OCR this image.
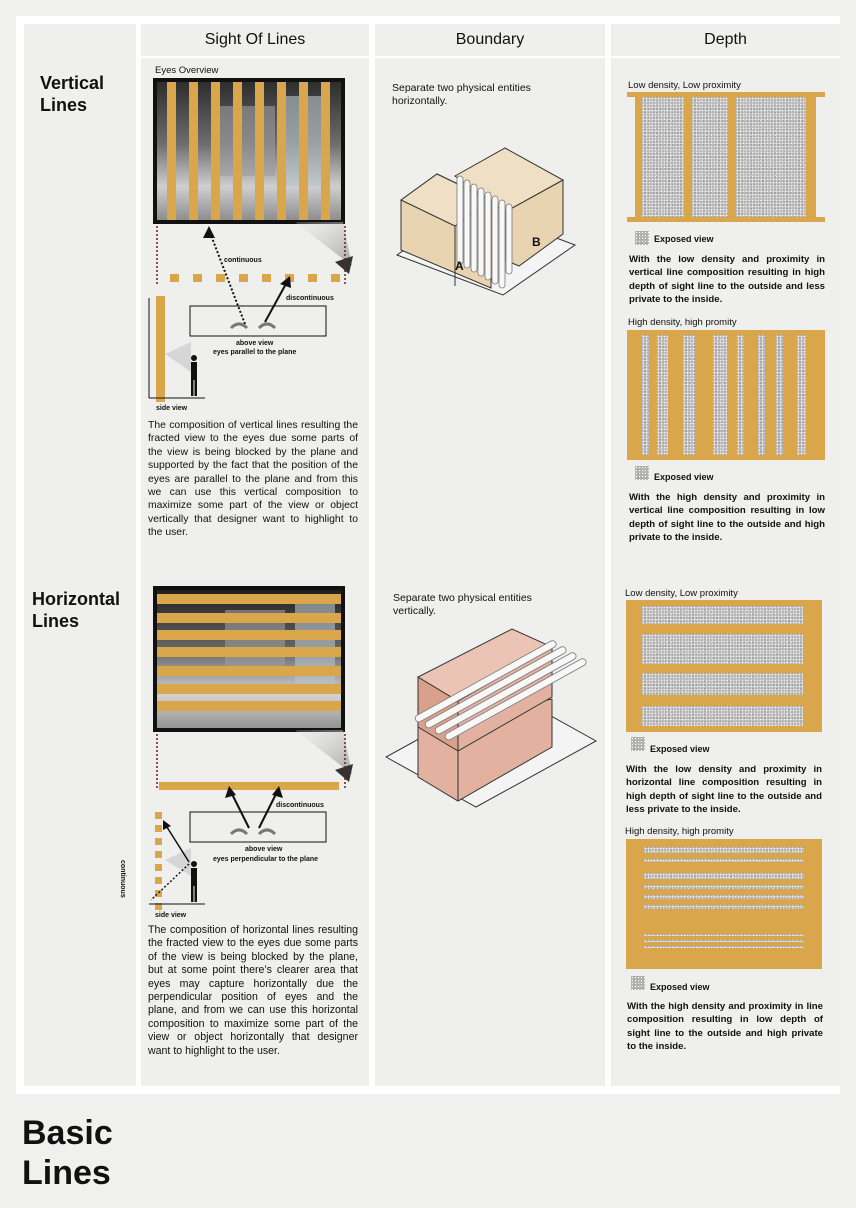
Sight Of Lines	Boundary	Depth
Vertical
Lines
Eyes Overview
continuous
discontinuous
above view
eyes parallel to the plane
side view
The composition of vertical lines resulting the fracted view to the eyes due some parts of the view is being blocked by the plane and supported by the fact that the position of the eyes are parallel to the plane and from this we can use this vertical composition to maximize some part of the view or object vertically that designer want to highlight to the user.
Separate two physical entities horizontally.
A
B
Low density, Low proximity
Exposed view
With the low density and proximity in vertical line composition resulting in high depth of sight line to the outside and less private to the inside.
High density, high promity
Exposed view
With the high density and proximity in vertical line composition resulting in low depth of sight line to the outside and high private to the inside.
Horizontal
Lines
discontinuous
above view
eyes perpendicular to the plane
continuous
side view
The composition of horizontal lines resulting the fracted view to the eyes due some parts of the view is being blocked by the plane, but at some point there’s clearer area that eyes may capture horizontally due the perpendicular position of eyes and the plane, and from we can use this horizontal composition to maximize some part of the view or object horizontally that designer want to highlight to the user.
Separate two physical entities vertically.
Low density, Low proximity
Exposed view
With the low density and proximity in horizontal line composition resulting in high depth of sight line to the outside and less private to the inside.
High density, high promity
Exposed view
With the high density and proximity in line composition resulting in low depth of sight line to the outside and high private to the inside.
Basic
Lines
